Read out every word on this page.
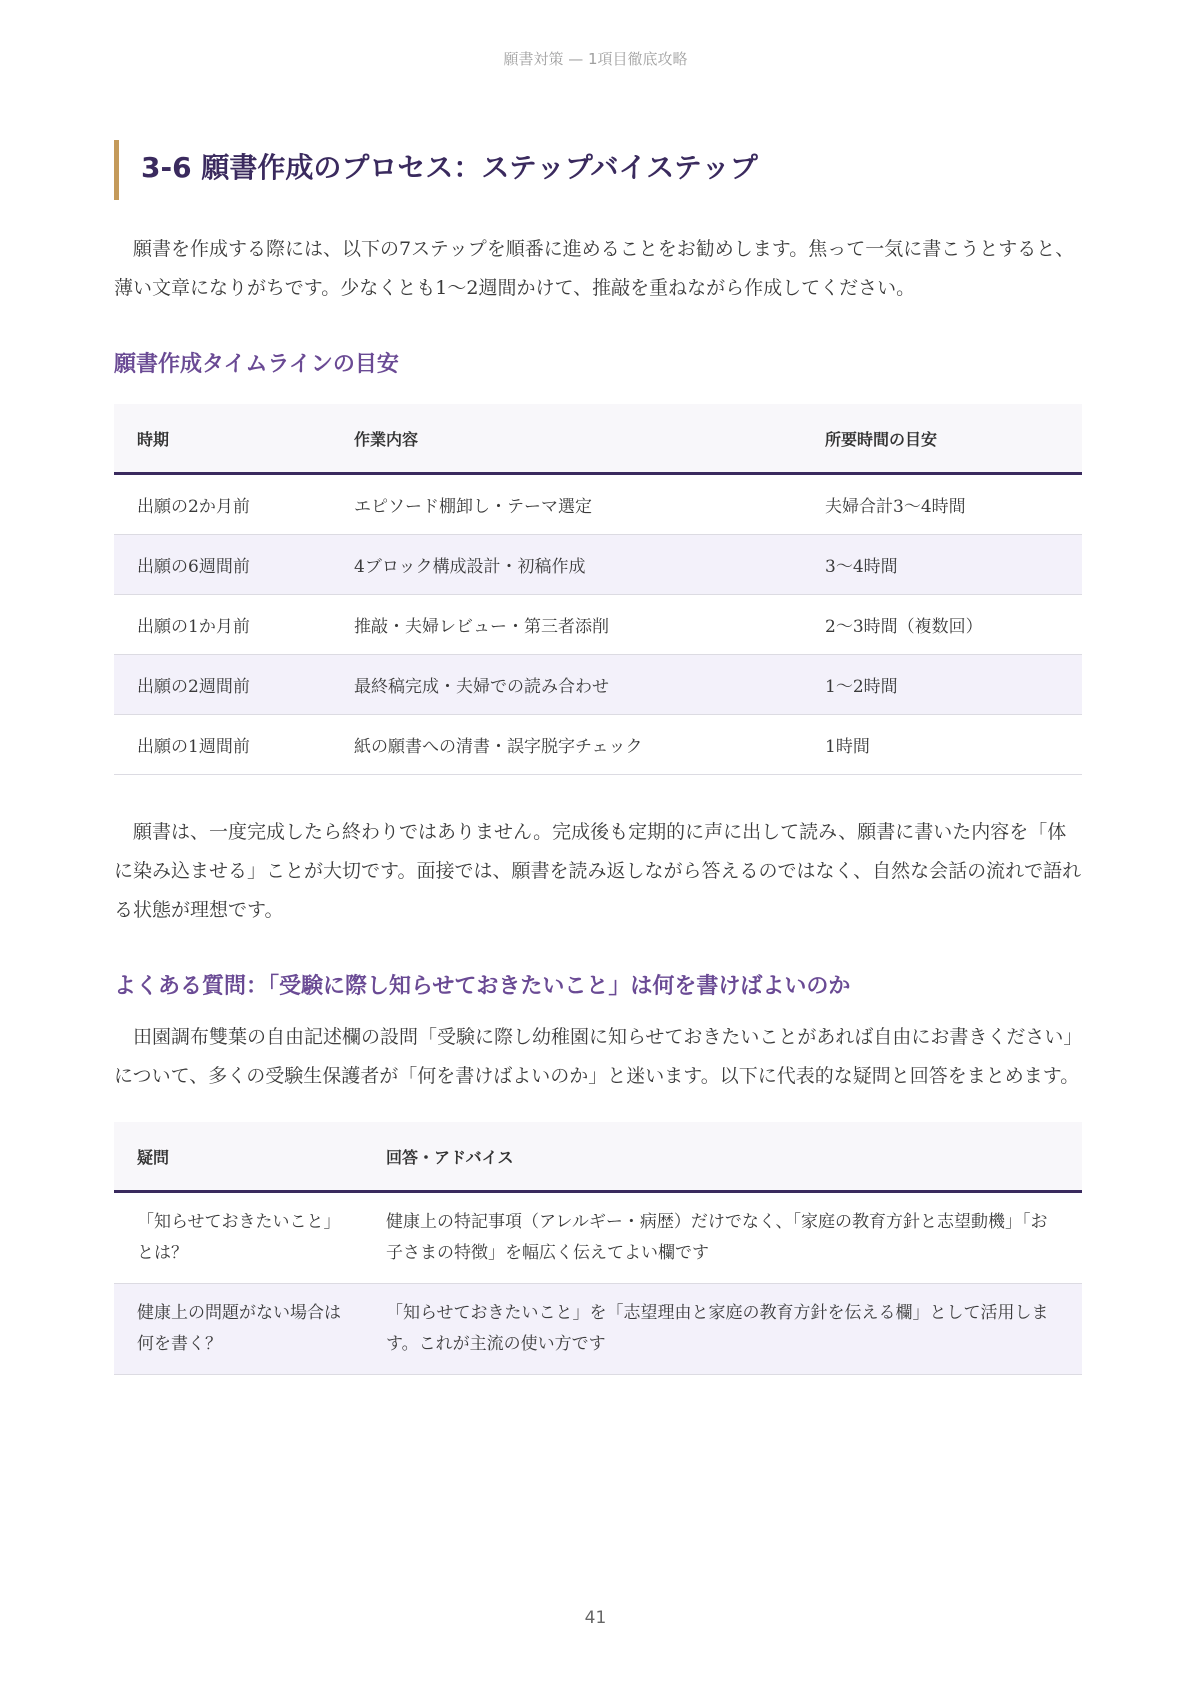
願書対策 — 1項目徹底攻略
3-6 願書作成のプロセス：ステップバイステップ

願書を作成する際には、以下の7ステップを順番に進めることをお勧めします。焦って一気に書こうとすると、薄い文章になりがちです。少なくとも1〜2週間かけて、推敲を重ねながら作成してください。

願書作成タイムラインの目安
時期	作業内容	所要時間の目安
出願の2か月前	エピソード棚卸し・テーマ選定	夫婦合計3〜4時間
出願の6週間前	4ブロック構成設計・初稿作成	3〜4時間
出願の1か月前	推敲・夫婦レビュー・第三者添削	2〜3時間（複数回）
出願の2週間前	最終稿完成・夫婦での読み合わせ	1〜2時間
出願の1週間前	紙の願書への清書・誤字脱字チェック	1時間

願書は、一度完成したら終わりではありません。完成後も定期的に声に出して読み、願書に書いた内容を「体に染み込ませる」ことが大切です。面接では、願書を読み返しながら答えるのではなく、自然な会話の流れで語れる状態が理想です。

よくある質問：「受験に際し知らせておきたいこと」は何を書けばよいのか

田園調布雙葉の自由記述欄の設問「受験に際し幼稚園に知らせておきたいことがあれば自由にお書きください」について、多くの受験生保護者が「何を書けばよいのか」と迷います。以下に代表的な疑問と回答をまとめます。

疑問	回答・アドバイス
「知らせておきたいこと」とは？	健康上の特記事項（アレルギー・病歴）だけでなく、「家庭の教育方針と志望動機」「お子さまの特徴」を幅広く伝えてよい欄です
健康上の問題がない場合は何を書く？	「知らせておきたいこと」を「志望理由と家庭の教育方針を伝える欄」として活用します。これが主流の使い方です
41
